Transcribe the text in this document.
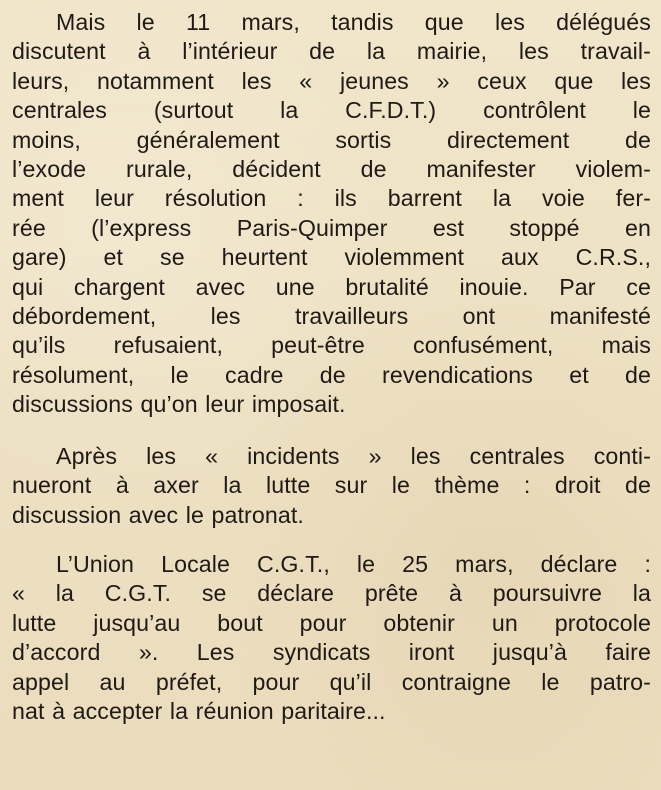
Mais le 11 mars, tandis que les délégués
discutent à l’intérieur de la mairie, les travail-
leurs, notamment les « jeunes » ceux que les
centrales (surtout la C.F.D.T.) contrôlent le
moins, généralement sortis directement de
l’exode rurale, décident de manifester violem-
ment leur résolution : ils barrent la voie fer-
rée (l’express Paris-Quimper est stoppé en
gare) et se heurtent violemment aux C.R.S.,
qui chargent avec une brutalité inouie. Par ce
débordement, les travailleurs ont manifesté
qu’ils refusaient, peut-être confusément, mais
résolument, le cadre de revendications et de
discussions qu’on leur imposait.
Après les « incidents » les centrales conti-
nueront à axer la lutte sur le thème : droit de
discussion avec le patronat.
L’Union Locale C.G.T., le 25 mars, déclare :
« la C.G.T. se déclare prête à poursuivre la
lutte jusqu’au bout pour obtenir un protocole
d’accord ». Les syndicats iront jusqu’à faire
appel au préfet, pour qu’il contraigne le patro-
nat à accepter la réunion paritaire...
